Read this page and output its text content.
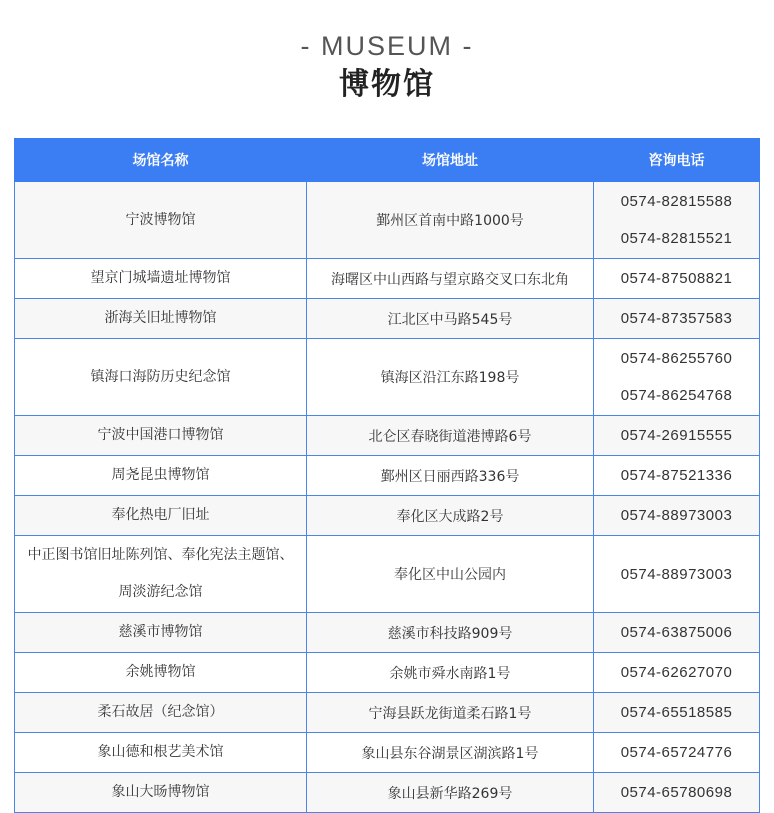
- MUSEUM -
博物馆
场馆名称	场馆地址	咨询电话

宁波博物馆	鄞州区首南中路1000号	0574-82815588
0574-82815521

望京门城墙遗址博物馆	海曙区中山西路与望京路交叉口东北角	0574-87508821

浙海关旧址博物馆	江北区中马路545号	0574-87357583

镇海口海防历史纪念馆	镇海区沿江东路198号	0574-86255760
0574-86254768

宁波中国港口博物馆	北仑区春晓街道港博路6号	0574-26915555

周尧昆虫博物馆	鄞州区日丽西路336号	0574-87521336

奉化热电厂旧址	奉化区大成路2号	0574-88973003

中正图书馆旧址陈列馆、奉化宪法主题馆、
周淡游纪念馆	奉化区中山公园内	0574-88973003

慈溪市博物馆	慈溪市科技路909号	0574-63875006

余姚博物馆	余姚市舜水南路1号	0574-62627070

柔石故居（纪念馆）	宁海县跃龙街道柔石路1号	0574-65518585

象山德和根艺美术馆	象山县东谷湖景区湖滨路1号	0574-65724776

象山大旸博物馆	象山县新华路269号	0574-65780698
